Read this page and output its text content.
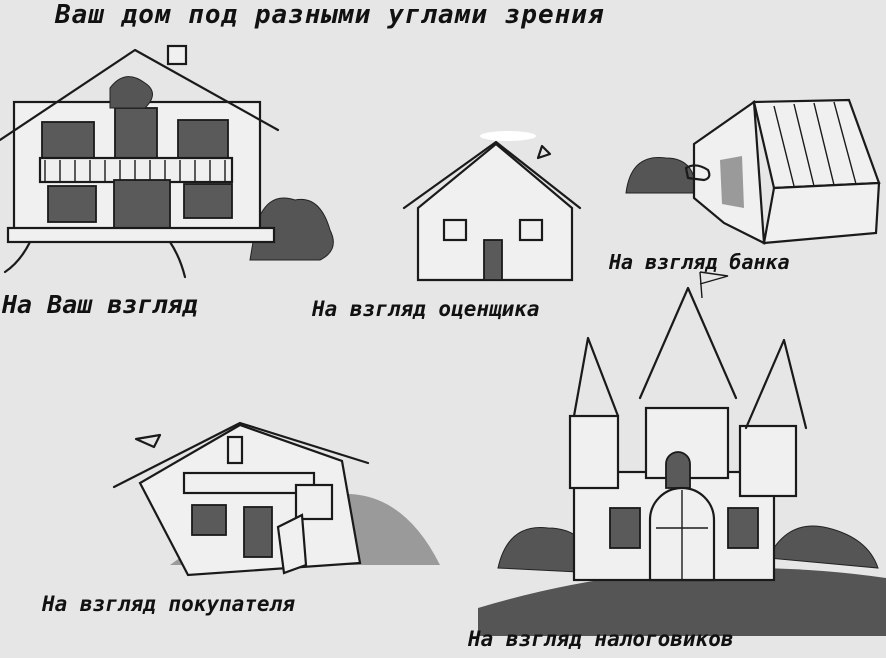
Ваш дом под разными углами зрения
На Ваш взгляд	На взгляд оценщика
На взгляд банка
На взгляд покупателя
На взгляд налоговиков
